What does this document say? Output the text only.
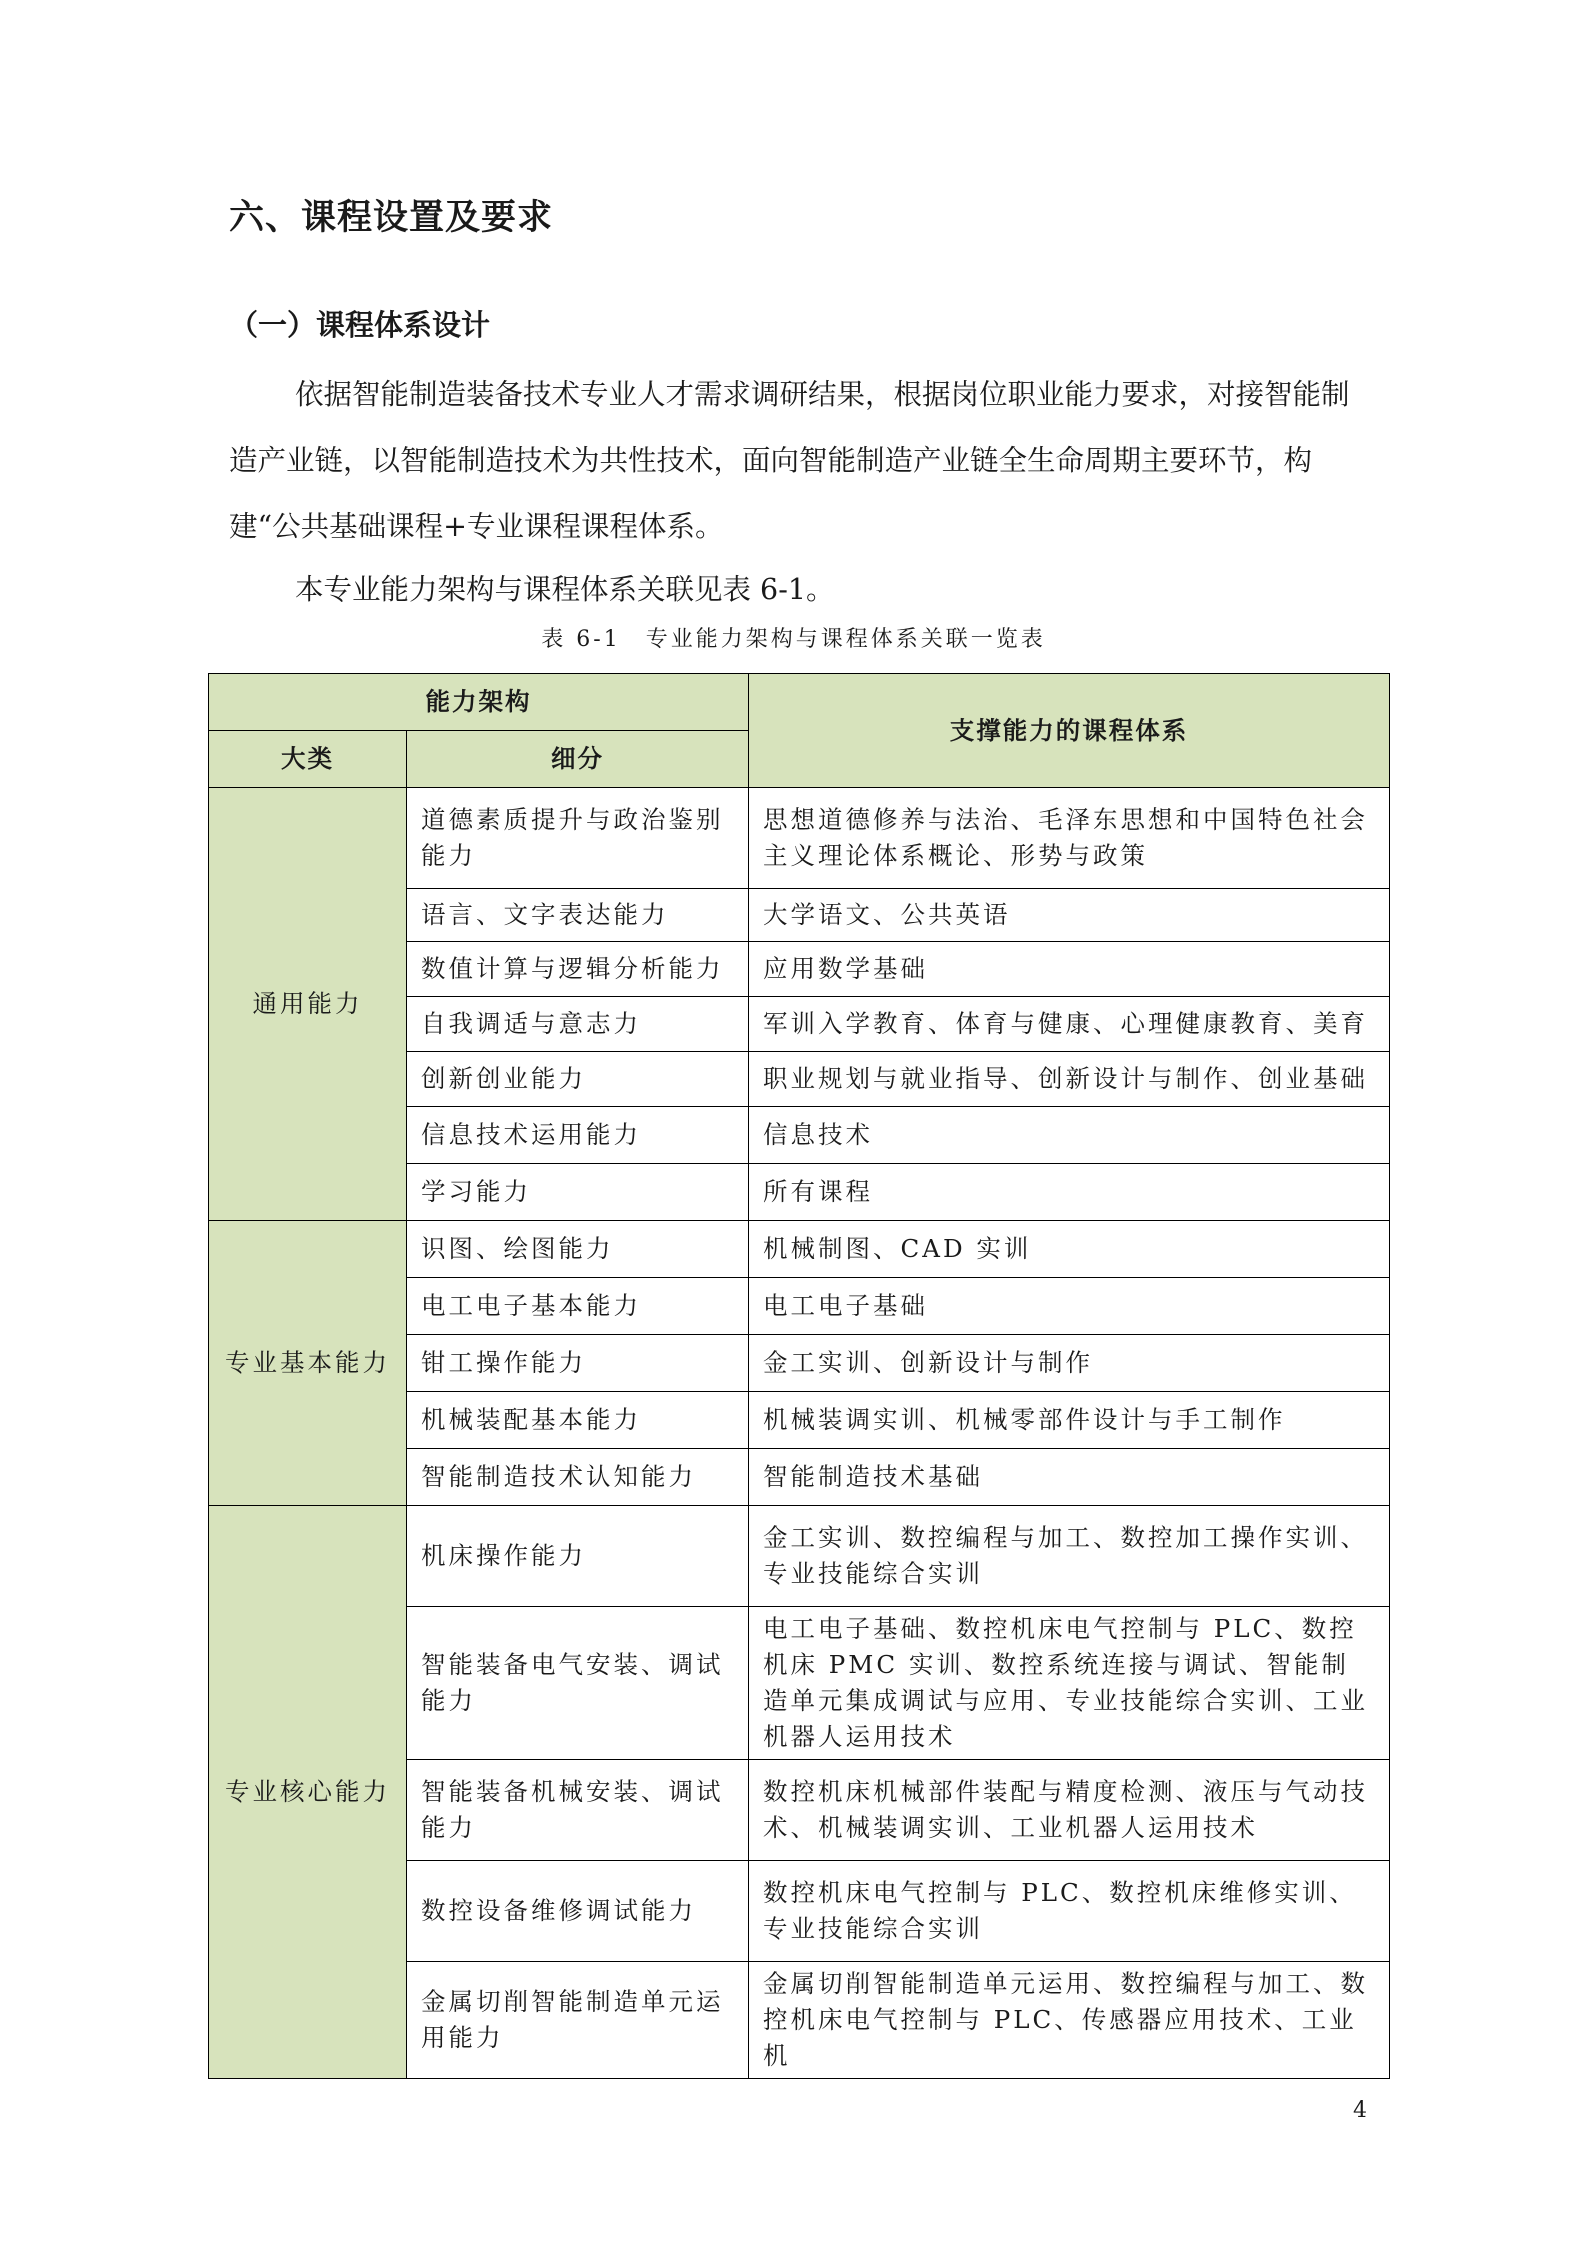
六、课程设置及要求
（一）课程体系设计

依据智能制造装备技术专业人才需求调研结果，根据岗位职业能力要求，对接智能制造产业链，以智能制造技术为共性技术，面向智能制造产业链全生命周期主要环节，构建“公共基础课程+专业课程课程体系。

本专业能力架构与课程体系关联见表 6-1。

表 6-1　专业能力架构与课程体系关联一览表
能力架构		支撑能力的课程体系
大类	细分	
通用能力	道德素质提升与政治鉴别能力	思想道德修养与法治、毛泽东思想和中国特色社会主义理论体系概论、形势与政策
	语言、文字表达能力	大学语文、公共英语
	数值计算与逻辑分析能力	应用数学基础
	自我调适与意志力	军训入学教育、体育与健康、心理健康教育、美育
	创新创业能力	职业规划与就业指导、创新设计与制作、创业基础
	信息技术运用能力	信息技术
	学习能力	所有课程
专业基本能力	识图、绘图能力	机械制图、CAD 实训
	电工电子基本能力	电工电子基础
	钳工操作能力	金工实训、创新设计与制作
	机械装配基本能力	机械装调实训、机械零部件设计与手工制作
	智能制造技术认知能力	智能制造技术基础
专业核心能力	机床操作能力	金工实训、数控编程与加工、数控加工操作实训、专业技能综合实训
	智能装备电气安装、调试能力	电工电子基础、数控机床电气控制与 PLC、数控机床 PMC 实训、数控系统连接与调试、智能制造单元集成调试与应用、专业技能综合实训、工业机器人运用技术
	智能装备机械安装、调试能力	数控机床机械部件装配与精度检测、液压与气动技术、机械装调实训、工业机器人运用技术
	数控设备维修调试能力	数控机床电气控制与 PLC、数控机床维修实训、专业技能综合实训
	金属切削智能制造单元运用能力	金属切削智能制造单元运用、数控编程与加工、数控机床电气控制与 PLC、传感器应用技术、工业机
4
